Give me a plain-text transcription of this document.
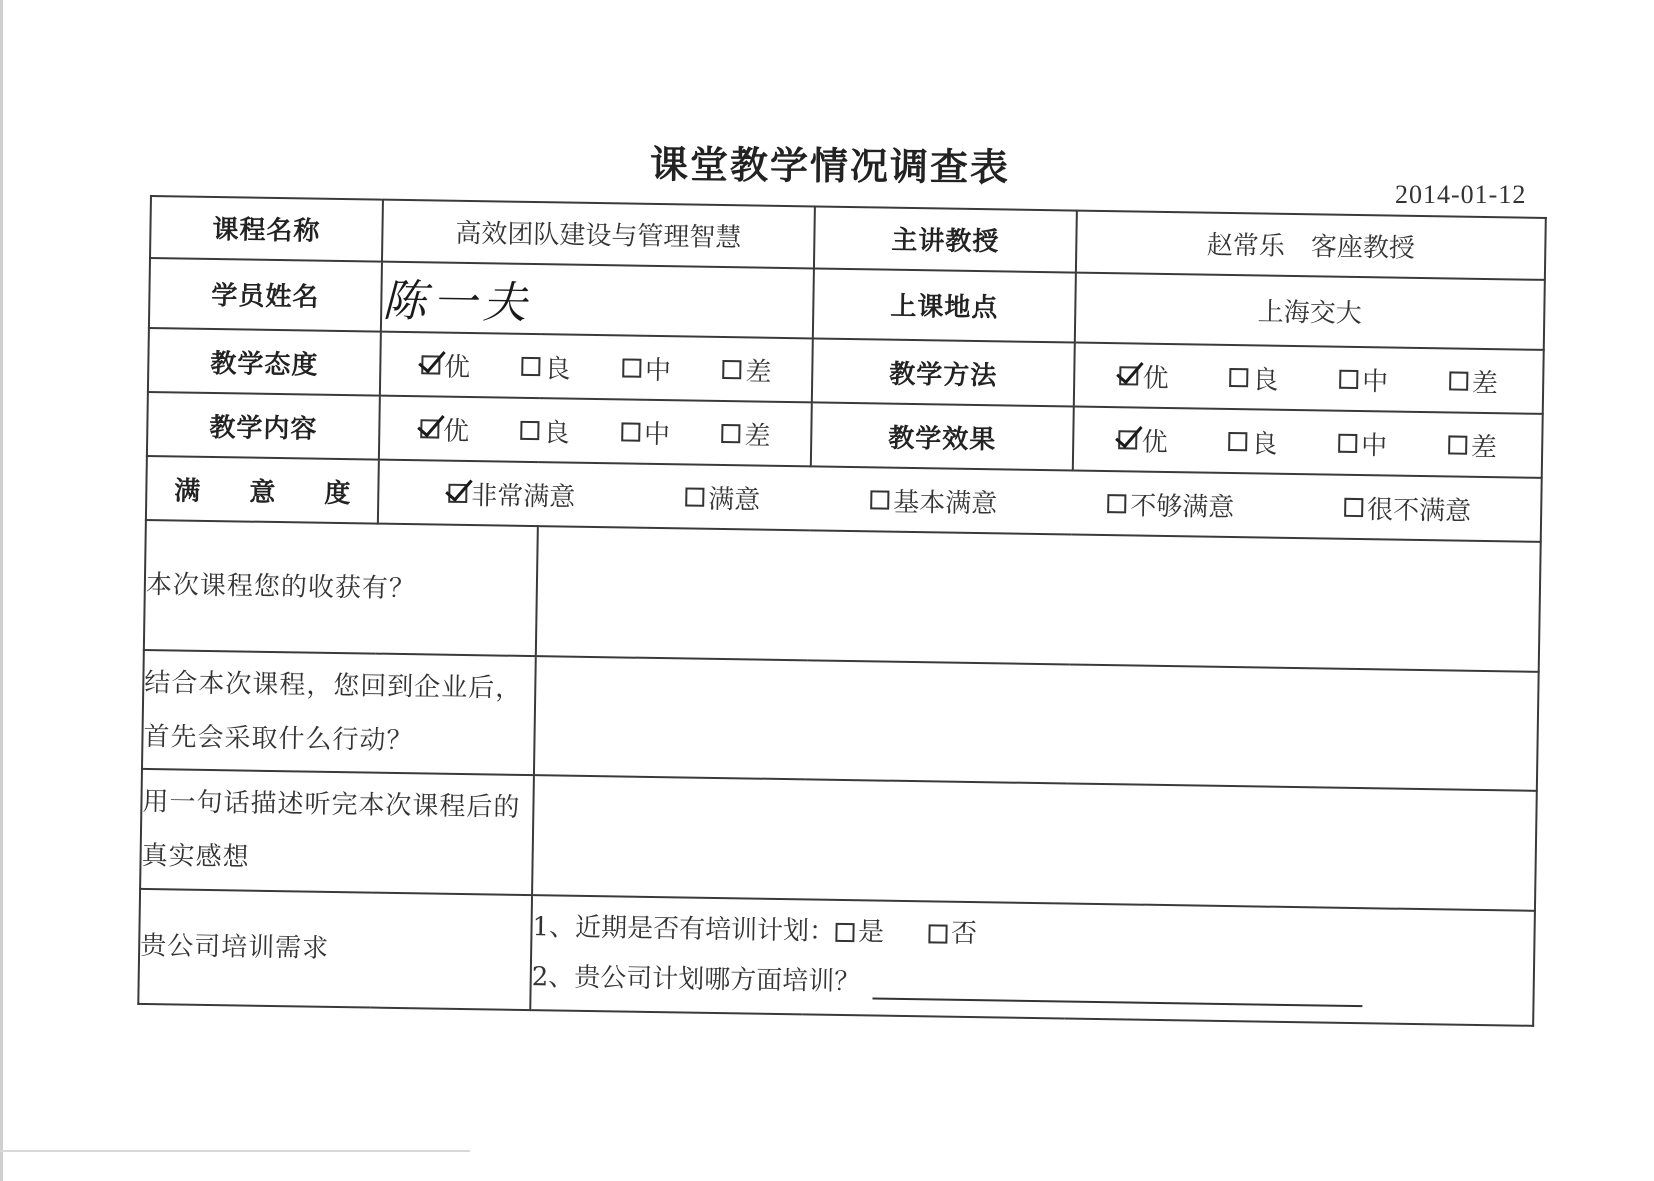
课堂教学情况调查表
2014-01-12
课程名称	高效团队建设与管理智慧		主讲教授	赵常乐　客座教授
学员姓名	陈一夫		上课地点	上海交大
教学态度	优 良 中 差		教学方法	优 良 中 差

教学内容	优 良 中 差		教学效果	优 良 中 差

满 意 度	非常满意 满意 基本满意 不够满意 很不满意			

本次课程您的收获有？				
结合本次课程，您回到企业后，首先会采取什么行动？				
用一句话描述听完本次课程后的真实感想				
贵公司培训需求		1、近期是否有培训计划： 是 否
2、贵公司计划哪方面培训？		
